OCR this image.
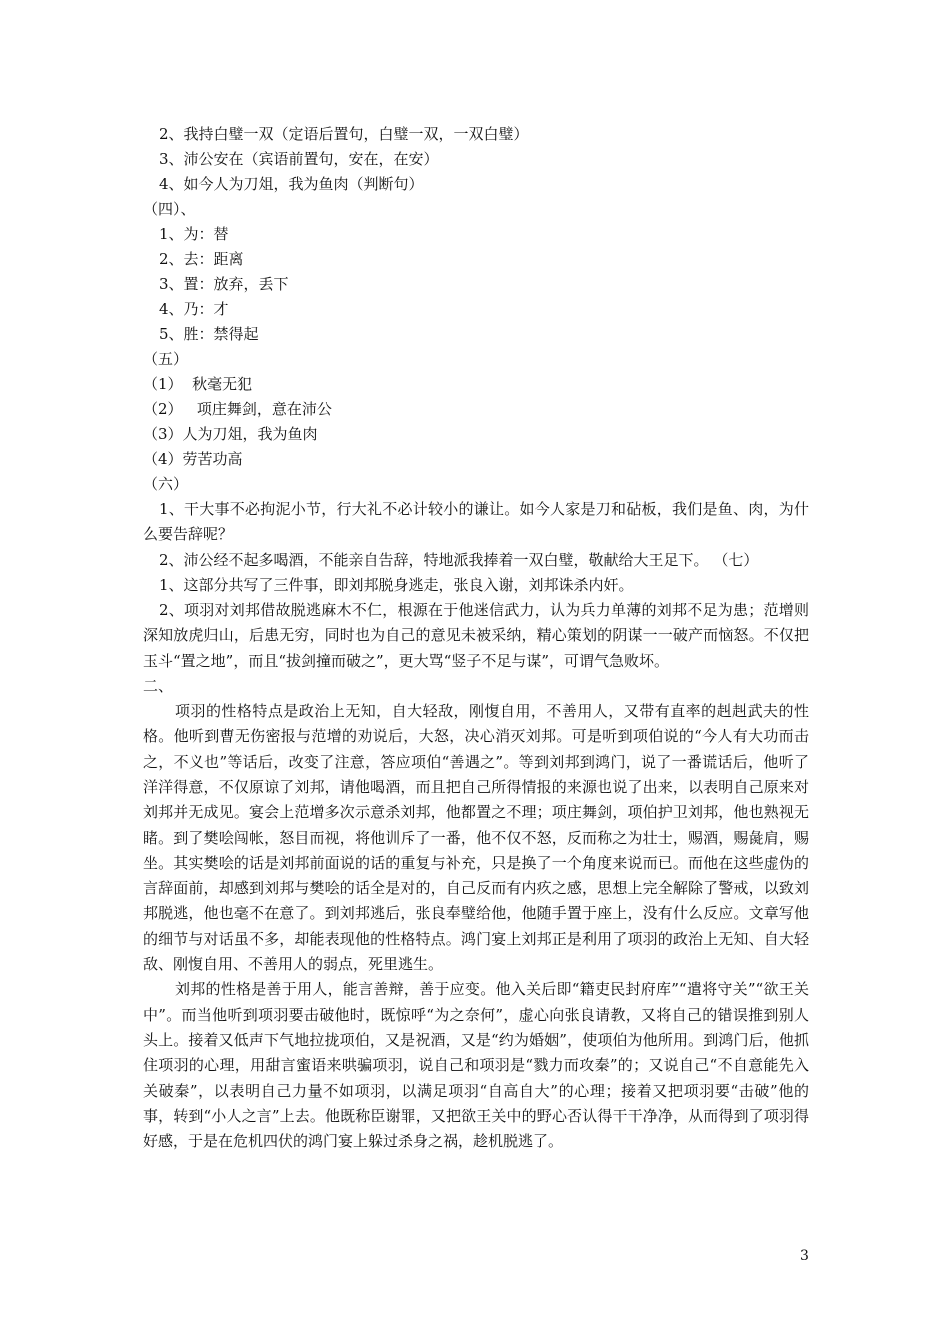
2、我持白璧一双（定语后置句，白璧一双，一双白璧）
3、沛公安在（宾语前置句，安在，在安）
4、如今人为刀俎，我为鱼肉（判断句）
（四）、
1、为：替
2、去：距离
3、置：放弃，丢下
4、乃：才
5、胜：禁得起
（五）
（1）  秋毫无犯
（2）   项庄舞剑，意在沛公
（3）人为刀俎，我为鱼肉
（4）劳苦功高
（六）
1、干大事不必拘泥小节，行大礼不必计较小的谦让。如今人家是刀和砧板，我们是鱼、肉，为什么要告辞呢？
2、沛公经不起多喝酒，不能亲自告辞，特地派我捧着一双白璧，敬献给大王足下。 （七）
1、这部分共写了三件事，即刘邦脱身逃走，张良入谢，刘邦诛杀内奸。
2、项羽对刘邦借故脱逃麻木不仁，根源在于他迷信武力，认为兵力单薄的刘邦不足为患；范增则深知放虎归山，后患无穷，同时也为自己的意见未被采纳，精心策划的阴谋一一破产而恼怒。不仅把玉斗“置之地”，而且“拔剑撞而破之”，更大骂“竖子不足与谋”，可谓气急败坏。
二、
项羽的性格特点是政治上无知，自大轻敌，刚愎自用，不善用人，又带有直率的赳赳武夫的性格。他听到曹无伤密报与范增的劝说后，大怒，决心消灭刘邦。可是听到项伯说的“今人有大功而击之，不义也”等话后，改变了注意，答应项伯“善遇之”。等到刘邦到鸿门，说了一番谎话后，他听了洋洋得意，不仅原谅了刘邦，请他喝酒，而且把自己所得情报的来源也说了出来，以表明自己原来对刘邦并无成见。宴会上范增多次示意杀刘邦，他都置之不理；项庄舞剑，项伯护卫刘邦，他也熟视无睹。到了樊哙闯帐，怒目而视，将他训斥了一番，他不仅不怒，反而称之为壮士，赐酒，赐彘肩，赐坐。其实樊哙的话是刘邦前面说的话的重复与补充，只是换了一个角度来说而已。而他在这些虚伪的言辞面前，却感到刘邦与樊哙的话全是对的，自己反而有内疚之感，思想上完全解除了警戒，以致刘邦脱逃，他也毫不在意了。到刘邦逃后，张良奉璧给他，他随手置于座上，没有什么反应。文章写他的细节与对话虽不多，却能表现他的性格特点。鸿门宴上刘邦正是利用了项羽的政治上无知、自大轻敌、刚愎自用、不善用人的弱点，死里逃生。
刘邦的性格是善于用人，能言善辩，善于应变。他入关后即“籍吏民封府库”“遣将守关”“欲王关中”。而当他听到项羽要击破他时，既惊呼“为之奈何”，虚心向张良请教，又将自己的错误推到别人头上。接着又低声下气地拉拢项伯，又是祝酒，又是“约为婚姻”，使项伯为他所用。到鸿门后，他抓住项羽的心理，用甜言蜜语来哄骗项羽，说自己和项羽是“戮力而攻秦”的；又说自己“不自意能先入关破秦”，以表明自己力量不如项羽，以满足项羽“自高自大”的心理；接着又把项羽要“击破”他的事，转到“小人之言”上去。他既称臣谢罪，又把欲王关中的野心否认得干干净净，从而得到了项羽得好感，于是在危机四伏的鸿门宴上躲过杀身之祸，趁机脱逃了。
3
